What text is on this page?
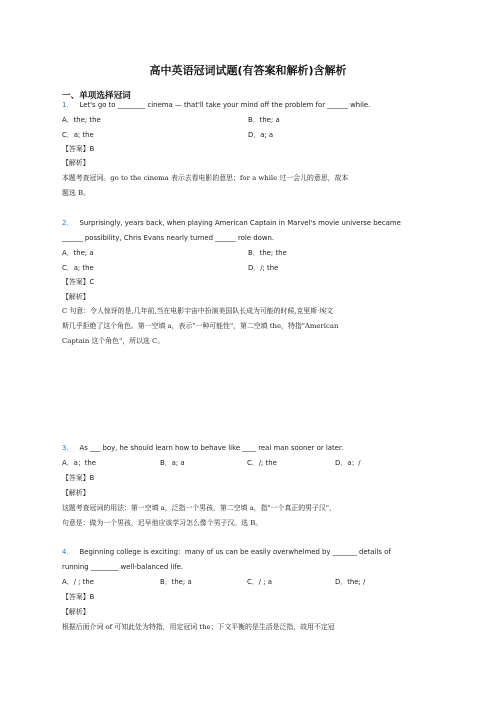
高中英语冠词试题(有答案和解析)含解析
一、单项选择冠词
1． Let's go to ________ cinema — that'll take your mind off the problem for ______ while.
A．the; the	B．the; a
C．a; the	D．a; a
【答案】B
【解析】
本题考查冠词。go to the cinema 表示去看电影的意思；for a while 过一会儿的意思，故本
题选 B。
2． Surprisingly, years back, when playing American Captain in Marvel's movie universe became
______ possibility, Chris Evans nearly turned ______ role down.
A．the; a	B．the; the
C．a; the	D．/; the
【答案】C
【解析】
C 句意：令人惊讶的是,几年前,当在电影宇宙中扮演美国队长成为可能的时候,克里斯·埃文
斯几乎拒绝了这个角色。第一空填 a，表示"一种可能性"，第二空填 the，特指"American
Captain 这个角色"，所以选 C。
3． As ___ boy, he should learn how to behave like ____ real man sooner or later.
A．a；the	B．a; a	C．/; the	D．a；/
【答案】B
【解析】
这题考查冠词的用法：第一空填 a，泛指一个男孩，第二空填 a，指"一个真正的男子汉"，
句意是：做为一个男孩，迟早他应该学习怎么像个男子汉。选 B。
4． Beginning college is exciting：many of us can be easily overwhelmed by _______ details of
running ________ well-balanced life.
A．/ ; the	B．the; a	C．/ ; a	D．the; /
【答案】B
【解析】
根据后面介词 of 可知此处为特指，用定冠词 the；下文平衡的是生活是泛指，故用不定冠
